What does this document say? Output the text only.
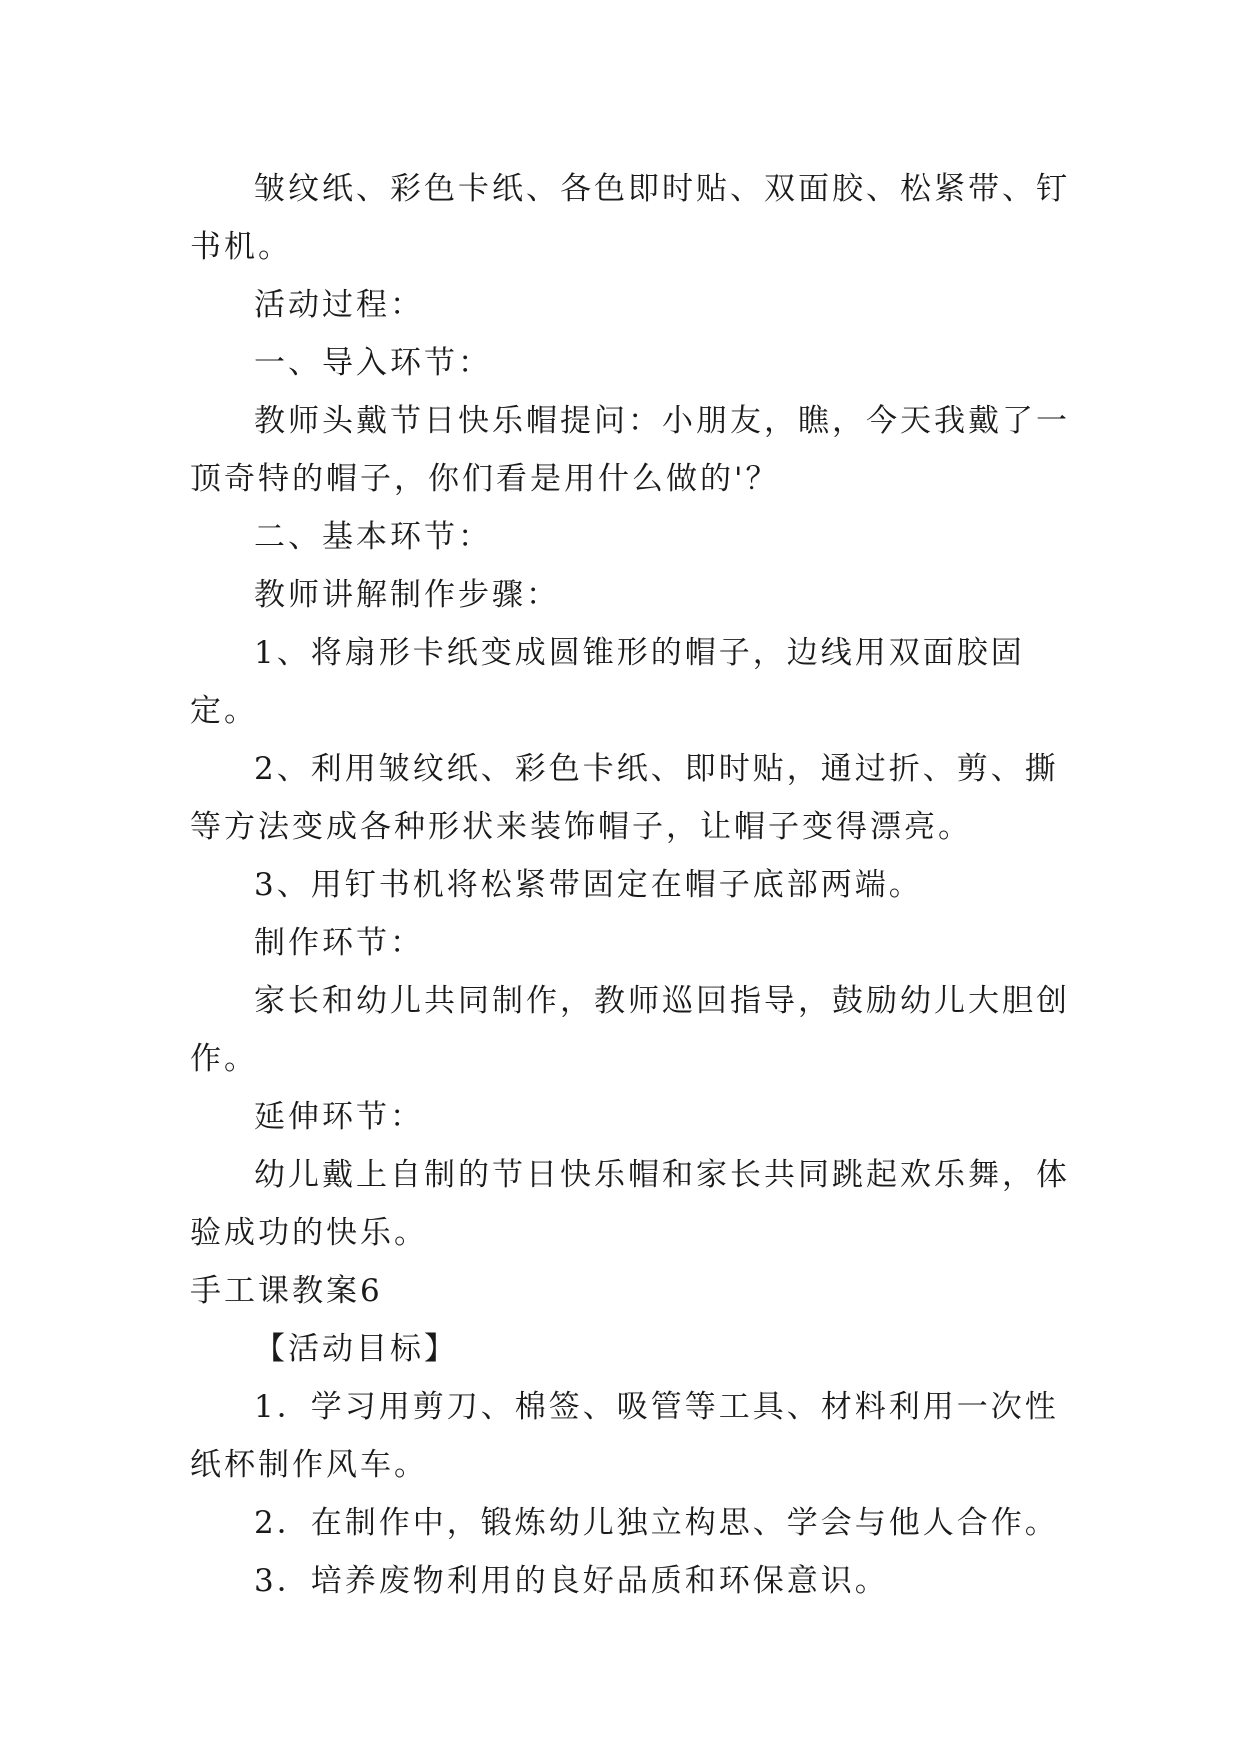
皱纹纸、彩色卡纸、各色即时贴、双面胶、松紧带、钉书机。

活动过程：

一、导入环节：

教师头戴节日快乐帽提问：小朋友，瞧，今天我戴了一顶奇特的帽子，你们看是用什么做的'？

二、基本环节：

教师讲解制作步骤：

1、将扇形卡纸变成圆锥形的帽子，边线用双面胶固定。

2、利用皱纹纸、彩色卡纸、即时贴，通过折、剪、撕等方法变成各种形状来装饰帽子，让帽子变得漂亮。

3、用钉书机将松紧带固定在帽子底部两端。

制作环节：

家长和幼儿共同制作，教师巡回指导，鼓励幼儿大胆创作。

延伸环节：

幼儿戴上自制的节日快乐帽和家长共同跳起欢乐舞，体验成功的快乐。

手工课教案6

【活动目标】

1．学习用剪刀、棉签、吸管等工具、材料利用一次性纸杯制作风车。

2．在制作中，锻炼幼儿独立构思、学会与他人合作。

3．培养废物利用的良好品质和环保意识。
